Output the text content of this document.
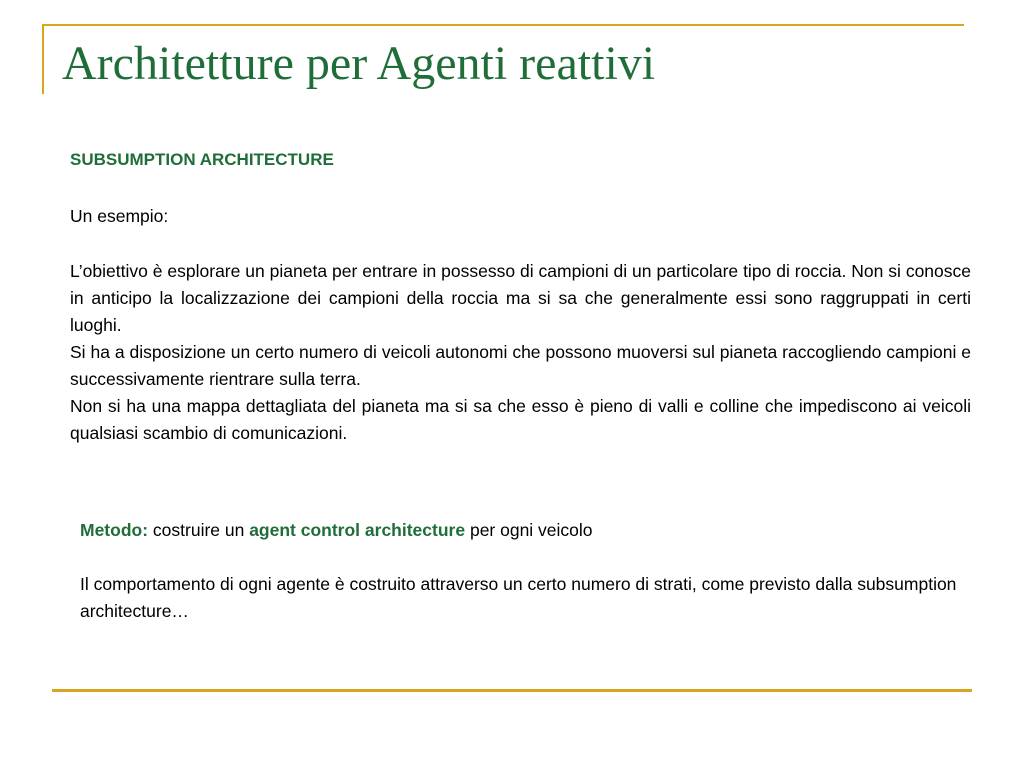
Architetture per Agenti reattivi
SUBSUMPTION ARCHITECTURE

Un esempio:

L’obiettivo è esplorare un pianeta per entrare in possesso di campioni di un particolare tipo di roccia. Non si conosce in anticipo la localizzazione dei campioni della roccia ma si sa che generalmente essi sono raggruppati in certi luoghi.

Si ha a disposizione un certo numero di veicoli autonomi che possono muoversi sul pianeta raccogliendo campioni e successivamente rientrare sulla terra.

Non si ha una mappa dettagliata del pianeta ma si sa che esso è pieno di valli e colline che impediscono ai veicoli qualsiasi scambio di comunicazioni.

Metodo: costruire un agent control architecture per ogni veicolo

Il comportamento di ogni agente è costruito attraverso un certo numero di strati, come previsto dalla subsumption architecture…
